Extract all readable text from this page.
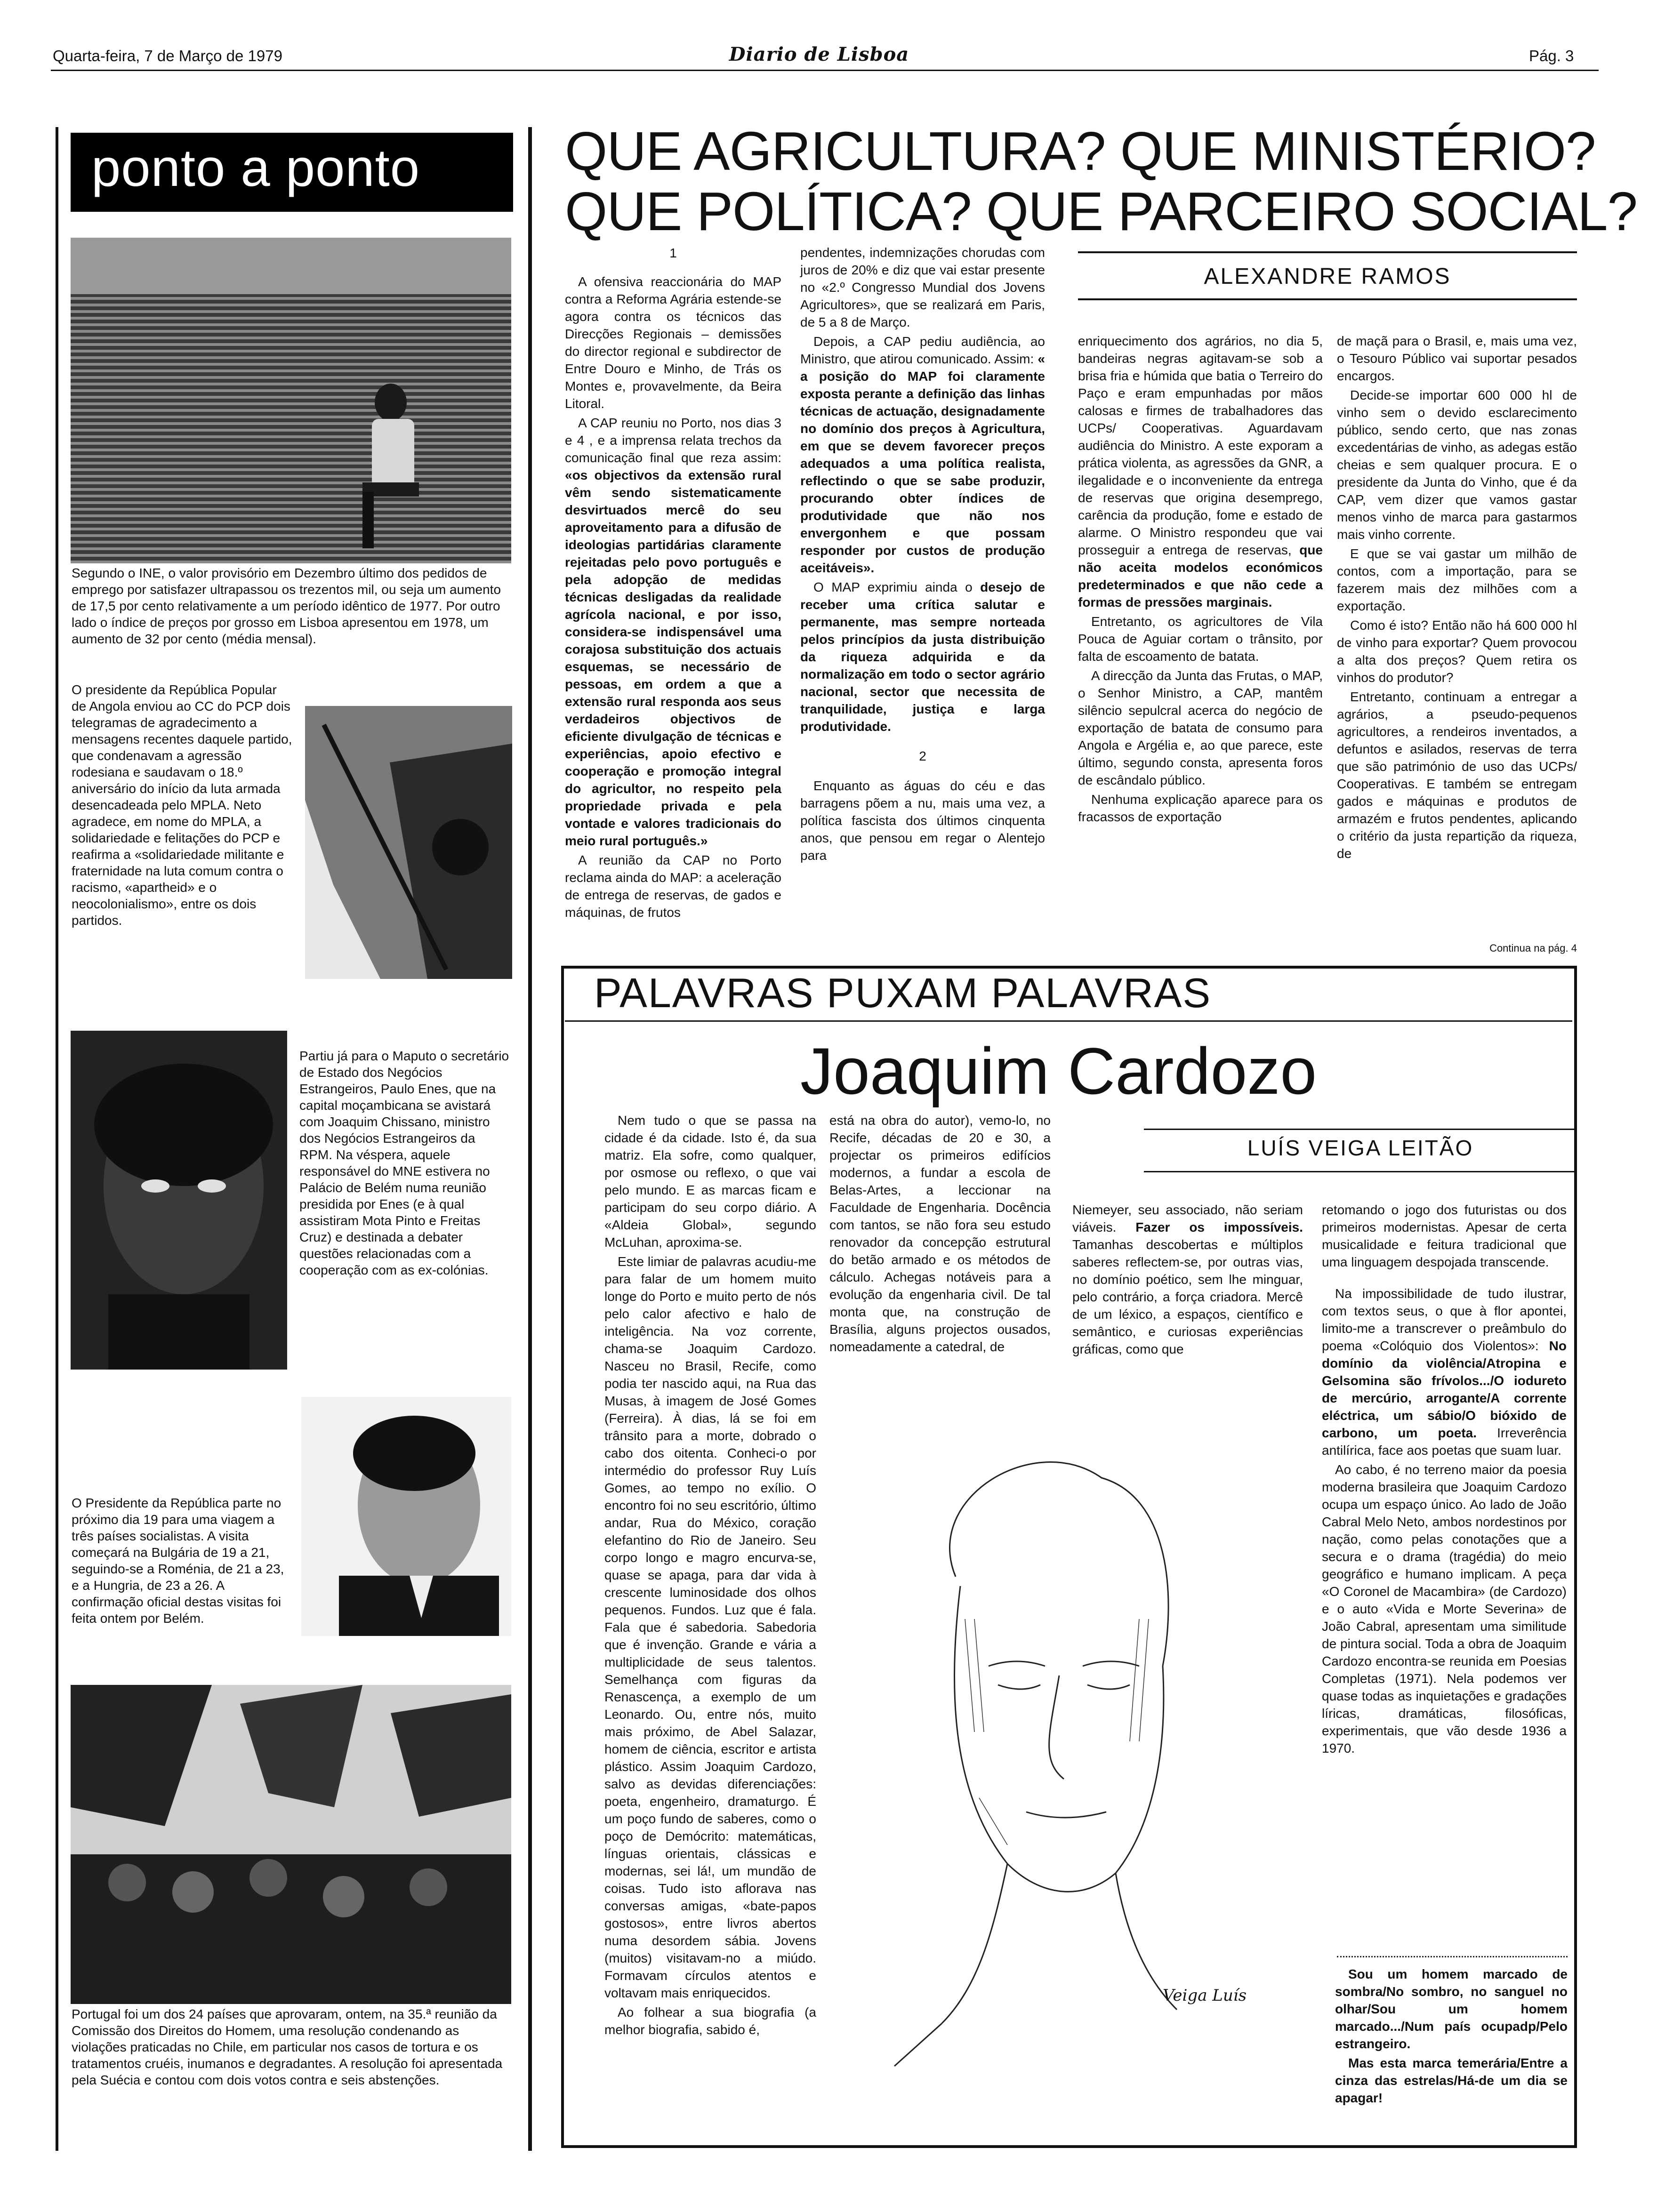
Quarta-feira, 7 de Março de 1979	Diario de Lisboa	Pág. 3
ponto a ponto
Segundo o INE, o valor provisório em Dezembro último dos pedidos de emprego por satisfazer ultrapassou os trezentos mil, ou seja um aumento de 17,5 por cento relativamente a um período idêntico de 1977. Por outro lado o índice de preços por grosso em Lisboa apresentou em 1978, um aumento de 32 por cento (média mensal).
O presidente da República Popular de Angola enviou ao CC do PCP dois telegramas de agradecimento a mensagens recentes daquele partido, que condenavam a agressão rodesiana e saudavam o 18.º aniversário do início da luta armada desencadeada pelo MPLA. Neto agradece, em nome do MPLA, a solidariedade e felitações do PCP e reafirma a «solidariedade militante e fraternidade na luta comum contra o racismo, «apartheid» e o neocolonialismo», entre os dois partidos.
Partiu já para o Maputo o secretário de Estado dos Negócios Estrangeiros, Paulo Enes, que na capital moçambicana se avistará com Joaquim Chissano, ministro dos Negócios Estrangeiros da RPM. Na véspera, aquele responsável do MNE estivera no Palácio de Belém numa reunião presidida por Enes (e à qual assistiram Mota Pinto e Freitas Cruz) e destinada a debater questões relacionadas com a cooperação com as ex-colónias.
O Presidente da República parte no próximo dia 19 para uma viagem a três países socialistas. A visita começará na Bulgária de 19 a 21, seguindo-se a Roménia, de 21 a 23, e a Hungria, de 23 a 26. A confirmação oficial destas visitas foi feita ontem por Belém.
Portugal foi um dos 24 países que aprovaram, ontem, na 35.ª reunião da Comissão dos Direitos do Homem, uma resolução condenando as violações praticadas no Chile, em particular nos casos de tortura e os tratamentos cruéis, inumanos e degradantes. A resolução foi apresentada pela Suécia e contou com dois votos contra e seis abstenções.
QUE AGRICULTURA? QUE MINISTÉRIO?
QUE POLÍTICA? QUE PARCEIRO SOCIAL?
1

A ofensiva reaccionária do MAP contra a Reforma Agrária estende-se agora contra os técnicos das Direcções Regionais – demissões do director regional e subdirector de Entre Douro e Minho, de Trás os Montes e, provavelmente, da Beira Litoral.

A CAP reuniu no Porto, nos dias 3 e 4 , e a imprensa relata trechos da comunicação final que reza assim: «os objectivos da extensão rural vêm sendo sistematicamente desvirtuados mercê do seu aproveitamento para a difusão de ideologias partidárias claramente rejeitadas pelo povo português e pela adopção de medidas técnicas desligadas da realidade agrícola nacional, e por isso, considera-se indispensável uma corajosa substituição dos actuais esquemas, se necessário de pessoas, em ordem a que a extensão rural responda aos seus verdadeiros objectivos de eficiente divulgação de técnicas e experiências, apoio efectivo e cooperação e promoção integral do agricultor, no respeito pela propriedade privada e pela vontade e valores tradicionais do meio rural português.»

A reunião da CAP no Porto reclama ainda do MAP: a aceleração de entrega de reservas, de gados e máquinas, de frutos

pendentes, indemnizações chorudas com juros de 20% e diz que vai estar presente no «2.º Congresso Mundial dos Jovens Agricultores», que se realizará em Paris, de 5 a 8 de Março.

Depois, a CAP pediu audiência, ao Ministro, que atirou comunicado. Assim: « a posição do MAP foi claramente exposta perante a definição das linhas técnicas de actuação, designadamente no domínio dos preços à Agricultura, em que se devem favorecer preços adequados a uma política realista, reflectindo o que se sabe produzir, procurando obter índices de produtividade que não nos envergonhem e que possam responder por custos de produção aceitáveis».

O MAP exprimiu ainda o desejo de receber uma crítica salutar e permanente, mas sempre norteada pelos princípios da justa distribuição da riqueza adquirida e da normalização em todo o sector agrário nacional, sector que necessita de tranquilidade, justiça e larga produtividade.

2

Enquanto as águas do céu e das barragens põem a nu, mais uma vez, a política fascista dos últimos cinquenta anos, que pensou em regar o Alentejo para

ALEXANDRE RAMOS

enriquecimento dos agrários, no dia 5, bandeiras negras agitavam-se sob a brisa fria e húmida que batia o Terreiro do Paço e eram empunhadas por mãos calosas e firmes de trabalhadores das UCPs/ Cooperativas. Aguardavam audiência do Ministro. A este exporam a prática violenta, as agressões da GNR, a ilegalidade e o inconveniente da entrega de reservas que origina desemprego, carência da produção, fome e estado de alarme. O Ministro respondeu que vai prosseguir a entrega de reservas, que não aceita modelos económicos predeterminados e que não cede a formas de pressões marginais.

Entretanto, os agricultores de Vila Pouca de Aguiar cortam o trânsito, por falta de escoamento de batata.

A direcção da Junta das Frutas, o MAP, o Senhor Ministro, a CAP, mantêm silêncio sepulcral acerca do negócio de exportação de batata de consumo para Angola e Argélia e, ao que parece, este último, segundo consta, apresenta foros de escândalo público.

Nenhuma explicação aparece para os fracassos de exportação

de maçã para o Brasil, e, mais uma vez, o Tesouro Público vai suportar pesados encargos.

Decide-se importar 600 000 hl de vinho sem o devido esclarecimento público, sendo certo, que nas zonas excedentárias de vinho, as adegas estão cheias e sem qualquer procura. E o presidente da Junta do Vinho, que é da CAP, vem dizer que vamos gastar menos vinho de marca para gastarmos mais vinho corrente.

E que se vai gastar um milhão de contos, com a importação, para se fazerem mais dez milhões com a exportação.

Como é isto? Então não há 600 000 hl de vinho para exportar? Quem provocou a alta dos preços? Quem retira os vinhos do produtor?

Entretanto, continuam a entregar a agrários, a pseudo-pequenos agricultores, a rendeiros inventados, a defuntos e asilados, reservas de terra que são património de uso das UCPs/ Cooperativas. E também se entregam gados e máquinas e produtos de armazém e frutos pendentes, aplicando o critério da justa repartição da riqueza, de

Continua na pág. 4
PALAVRAS PUXAM PALAVRAS
Joaquim Cardozo
LUÍS VEIGA LEITÃO

Nem tudo o que se passa na cidade é da cidade. Isto é, da sua matriz. Ela sofre, como qualquer, por osmose ou reflexo, o que vai pelo mundo. E as marcas ficam e participam do seu corpo diário. A «Aldeia Global», segundo McLuhan, aproxima-se.

Este limiar de palavras acudiu-me para falar de um homem muito longe do Porto e muito perto de nós pelo calor afectivo e halo de inteligência. Na voz corrente, chama-se Joaquim Cardozo. Nasceu no Brasil, Recife, como podia ter nascido aqui, na Rua das Musas, à imagem de José Gomes (Ferreira). À dias, lá se foi em trânsito para a morte, dobrado o cabo dos oitenta. Conheci-o por intermédio do professor Ruy Luís Gomes, ao tempo no exílio. O encontro foi no seu escritório, último andar, Rua do México, coração elefantino do Rio de Janeiro. Seu corpo longo e magro encurva-se, quase se apaga, para dar vida à crescente luminosidade dos olhos pequenos. Fundos. Luz que é fala. Fala que é sabedoria. Sabedoria que é invenção. Grande e vária a multiplicidade de seus talentos. Semelhança com figuras da Renascença, a exemplo de um Leonardo. Ou, entre nós, muito mais próximo, de Abel Salazar, homem de ciência, escritor e artista plástico. Assim Joaquim Cardozo, salvo as devidas diferenciações: poeta, engenheiro, dramaturgo. É um poço fundo de saberes, como o poço de Demócrito: matemáticas, línguas orientais, clássicas e modernas, sei lá!, um mundão de coisas. Tudo isto aflorava nas conversas amigas, «bate-papos gostosos», entre livros abertos numa desordem sábia. Jovens (muitos) visitavam-no a miúdo. Formavam círculos atentos e voltavam mais enriquecidos.

Ao folhear a sua biografia (a melhor biografia, sabido é,

está na obra do autor), vemo-lo, no Recife, décadas de 20 e 30, a projectar os primeiros edifícios modernos, a fundar a escola de Belas-Artes, a leccionar na Faculdade de Engenharia. Docência com tantos, se não fora seu estudo renovador da concepção estrutural do betão armado e os métodos de cálculo. Achegas notáveis para a evolução da engenharia civil. De tal monta que, na construção de Brasília, alguns projectos ousados, nomeadamente a catedral, de

Niemeyer, seu associado, não seriam viáveis. Fazer os impossíveis. Tamanhas descobertas e múltiplos saberes reflectem-se, por outras vias, no domínio poético, sem lhe minguar, pelo contrário, a força criadora. Mercê de um léxico, a espaços, científico e semântico, e curiosas experiências gráficas, como que

Veiga Luís

retomando o jogo dos futuristas ou dos primeiros modernistas. Apesar de certa musicalidade e feitura tradicional que uma linguagem despojada transcende.

Na impossibilidade de tudo ilustrar, com textos seus, o que à flor apontei, limito-me a transcrever o preâmbulo do poema «Colóquio dos Violentos»: No domínio da violência/Atropina e Gelsomina são frívolos.../O iodureto de mercúrio, arrogante/A corrente eléctrica, um sábio/O bióxido de carbono, um poeta. Irreverência antilírica, face aos poetas que suam luar.

Ao cabo, é no terreno maior da poesia moderna brasileira que Joaquim Cardozo ocupa um espaço único. Ao lado de João Cabral Melo Neto, ambos nordestinos por nação, como pelas conotações que a secura e o drama (tragédia) do meio geográfico e humano implicam. A peça «O Coronel de Macambira» (de Cardozo) e o auto «Vida e Morte Severina» de João Cabral, apresentam uma similitude de pintura social. Toda a obra de Joaquim Cardozo encontra-se reunida em Poesias Completas (1971). Nela podemos ver quase todas as inquietações e gradações líricas, dramáticas, filosóficas, experimentais, que vão desde 1936 a 1970.

Sou um homem marcado de sombra/No sombro, no sanguel no olhar/Sou um homem marcado.../Num país ocupadp/Pelo estrangeiro.

Mas esta marca temerária/Entre a cinza das estrelas/Há-de um dia se apagar!
